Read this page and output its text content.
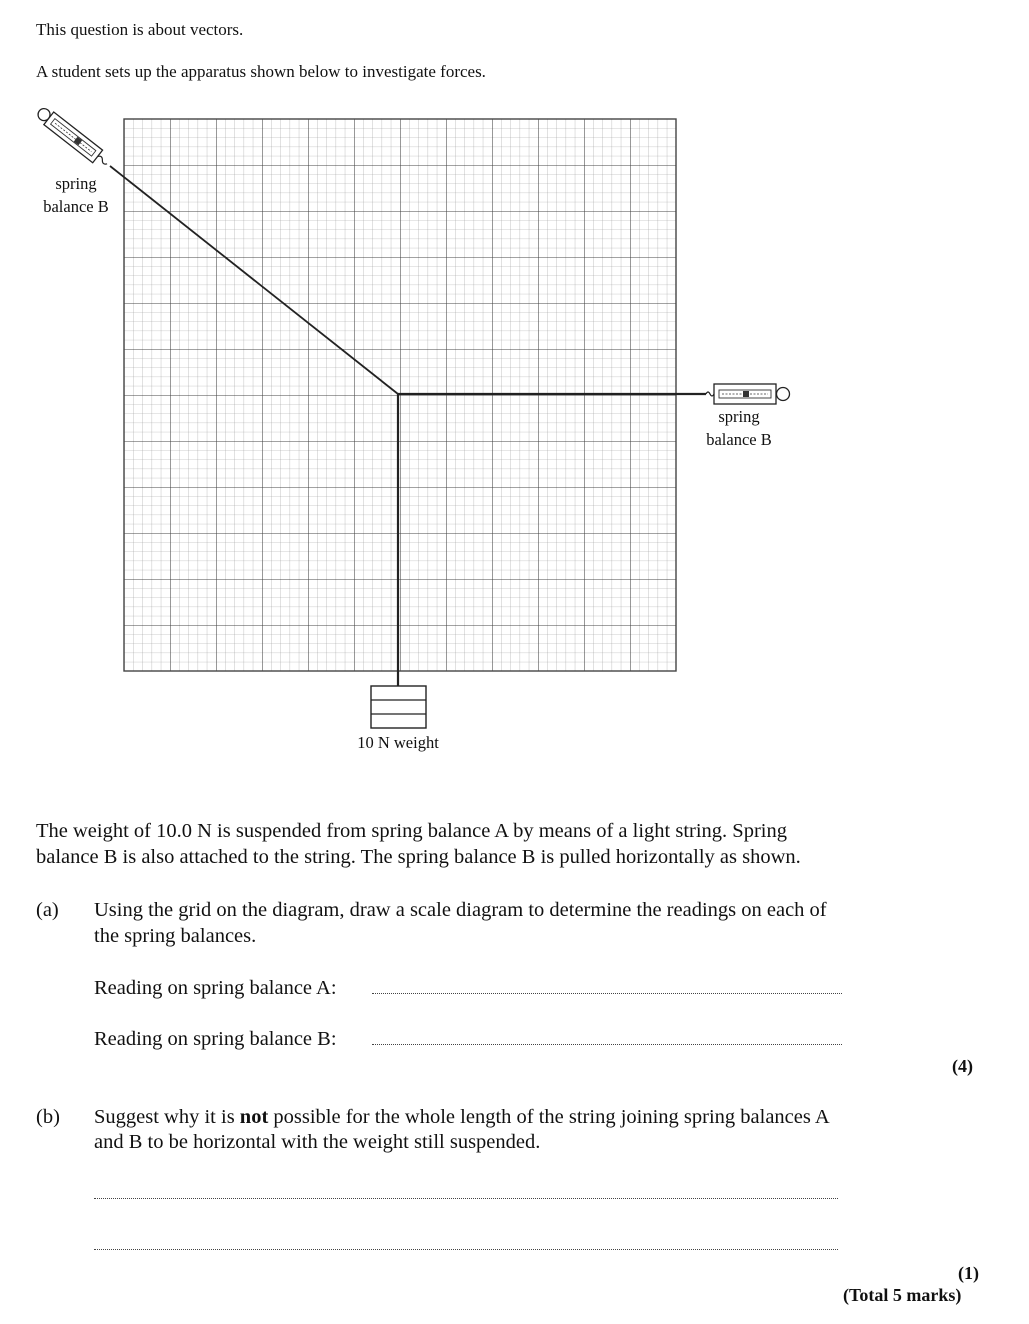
This question is about vectors.
A student sets up the apparatus shown below to investigate forces.
spring
balance B
spring
balance B
10 N weight
The weight of 10.0 N is suspended from spring balance A by means of a light string. Spring
balance B is also attached to the string. The spring balance B is pulled horizontally as shown.
(a) Using the grid on the diagram, draw a scale diagram to determine the readings on each of
the spring balances.
Reading on spring balance A:
Reading on spring balance B:
(4)
(b) Suggest why it is not possible for the whole length of the string joining spring balances A
and B to be horizontal with the weight still suspended.
(1)
(Total 5 marks)
